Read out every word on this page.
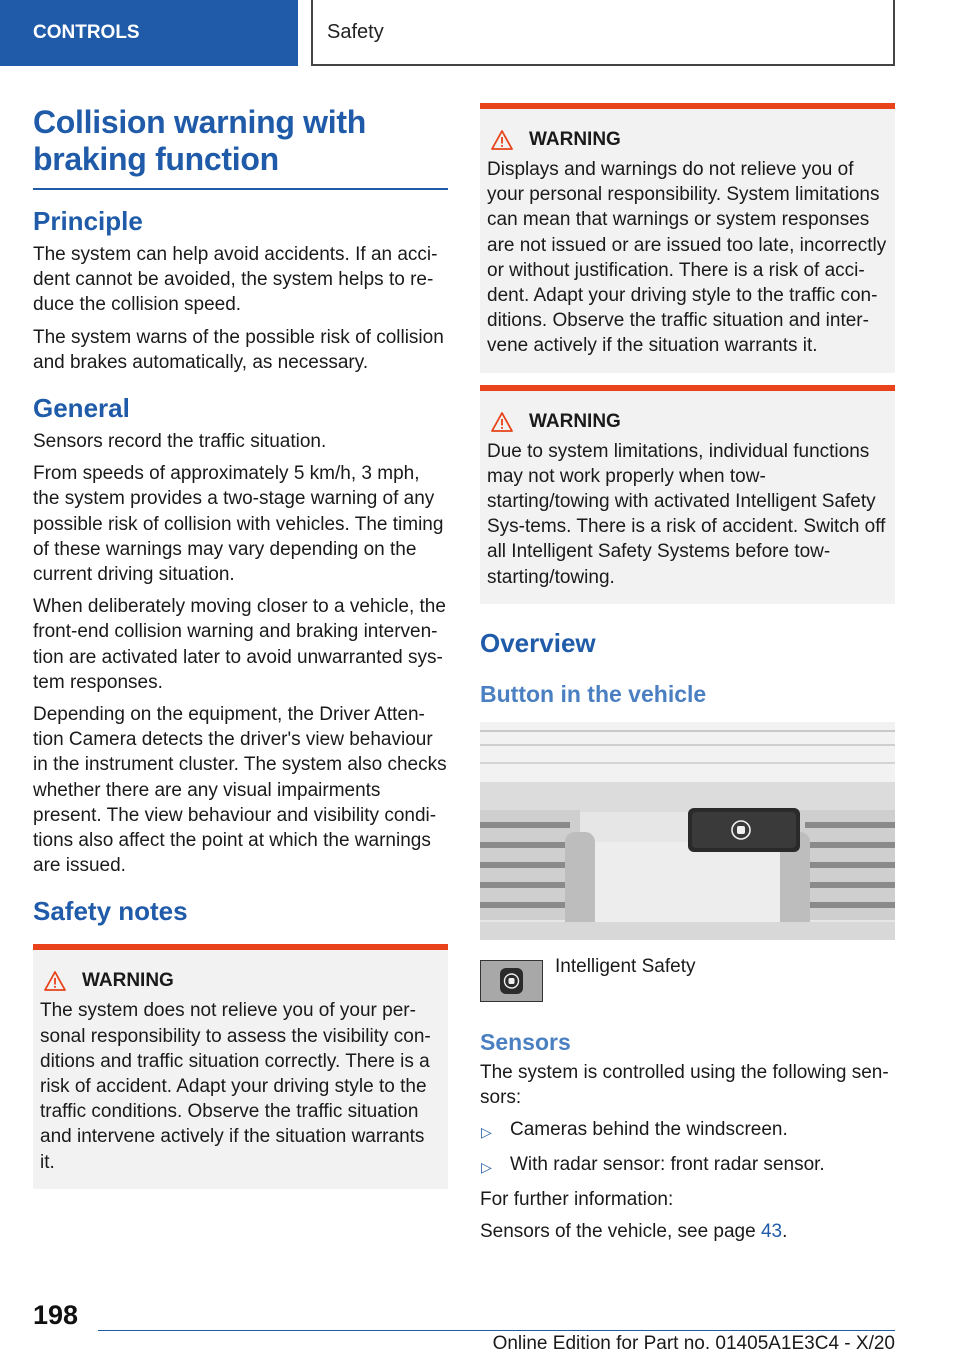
CONTROLS	Safety
Collision warning with braking function
Principle

The system can help avoid accidents. If an acci-dent cannot be avoided, the system helps to re-duce the collision speed.

The system warns of the possible risk of collision and brakes automatically, as necessary.

General

Sensors record the traffic situation.

From speeds of approximately 5 km/h, 3 mph, the system provides a two-stage warning of any possible risk of collision with vehicles. The timing of these warnings may vary depending on the current driving situation.

When deliberately moving closer to a vehicle, the front-end collision warning and braking interven-tion are activated later to avoid unwarranted sys-tem responses.

Depending on the equipment, the Driver Atten-tion Camera detects the driver's view behaviour in the instrument cluster. The system also checks whether there are any visual impairments present. The view behaviour and visibility condi-tions also affect the point at which the warnings are issued.

Safety notes
WARNING

The system does not relieve you of your per-sonal responsibility to assess the visibility con-ditions and traffic situation correctly. There is a risk of accident. Adapt your driving style to the traffic conditions. Observe the traffic situation and intervene actively if the situation warrants it.

WARNING

Displays and warnings do not relieve you of your personal responsibility. System limitations can mean that warnings or system responses are not issued or are issued too late, incorrectly or without justification. There is a risk of acci-dent. Adapt your driving style to the traffic con-ditions. Observe the traffic situation and inter-vene actively if the situation warrants it.

WARNING

Due to system limitations, individual functions may not work properly when tow-starting/towing with activated Intelligent Safety Sys-tems. There is a risk of accident. Switch off all Intelligent Safety Systems before tow-starting/towing.

Overview
Button in the vehicle
Intelligent Safety
Sensors

The system is controlled using the following sen-sors:

▷ Cameras behind the windscreen.
▷ With radar sensor: front radar sensor.

For further information:

Sensors of the vehicle, see page 43.

198
Online Edition for Part no. 01405A1E3C4 - X/20
